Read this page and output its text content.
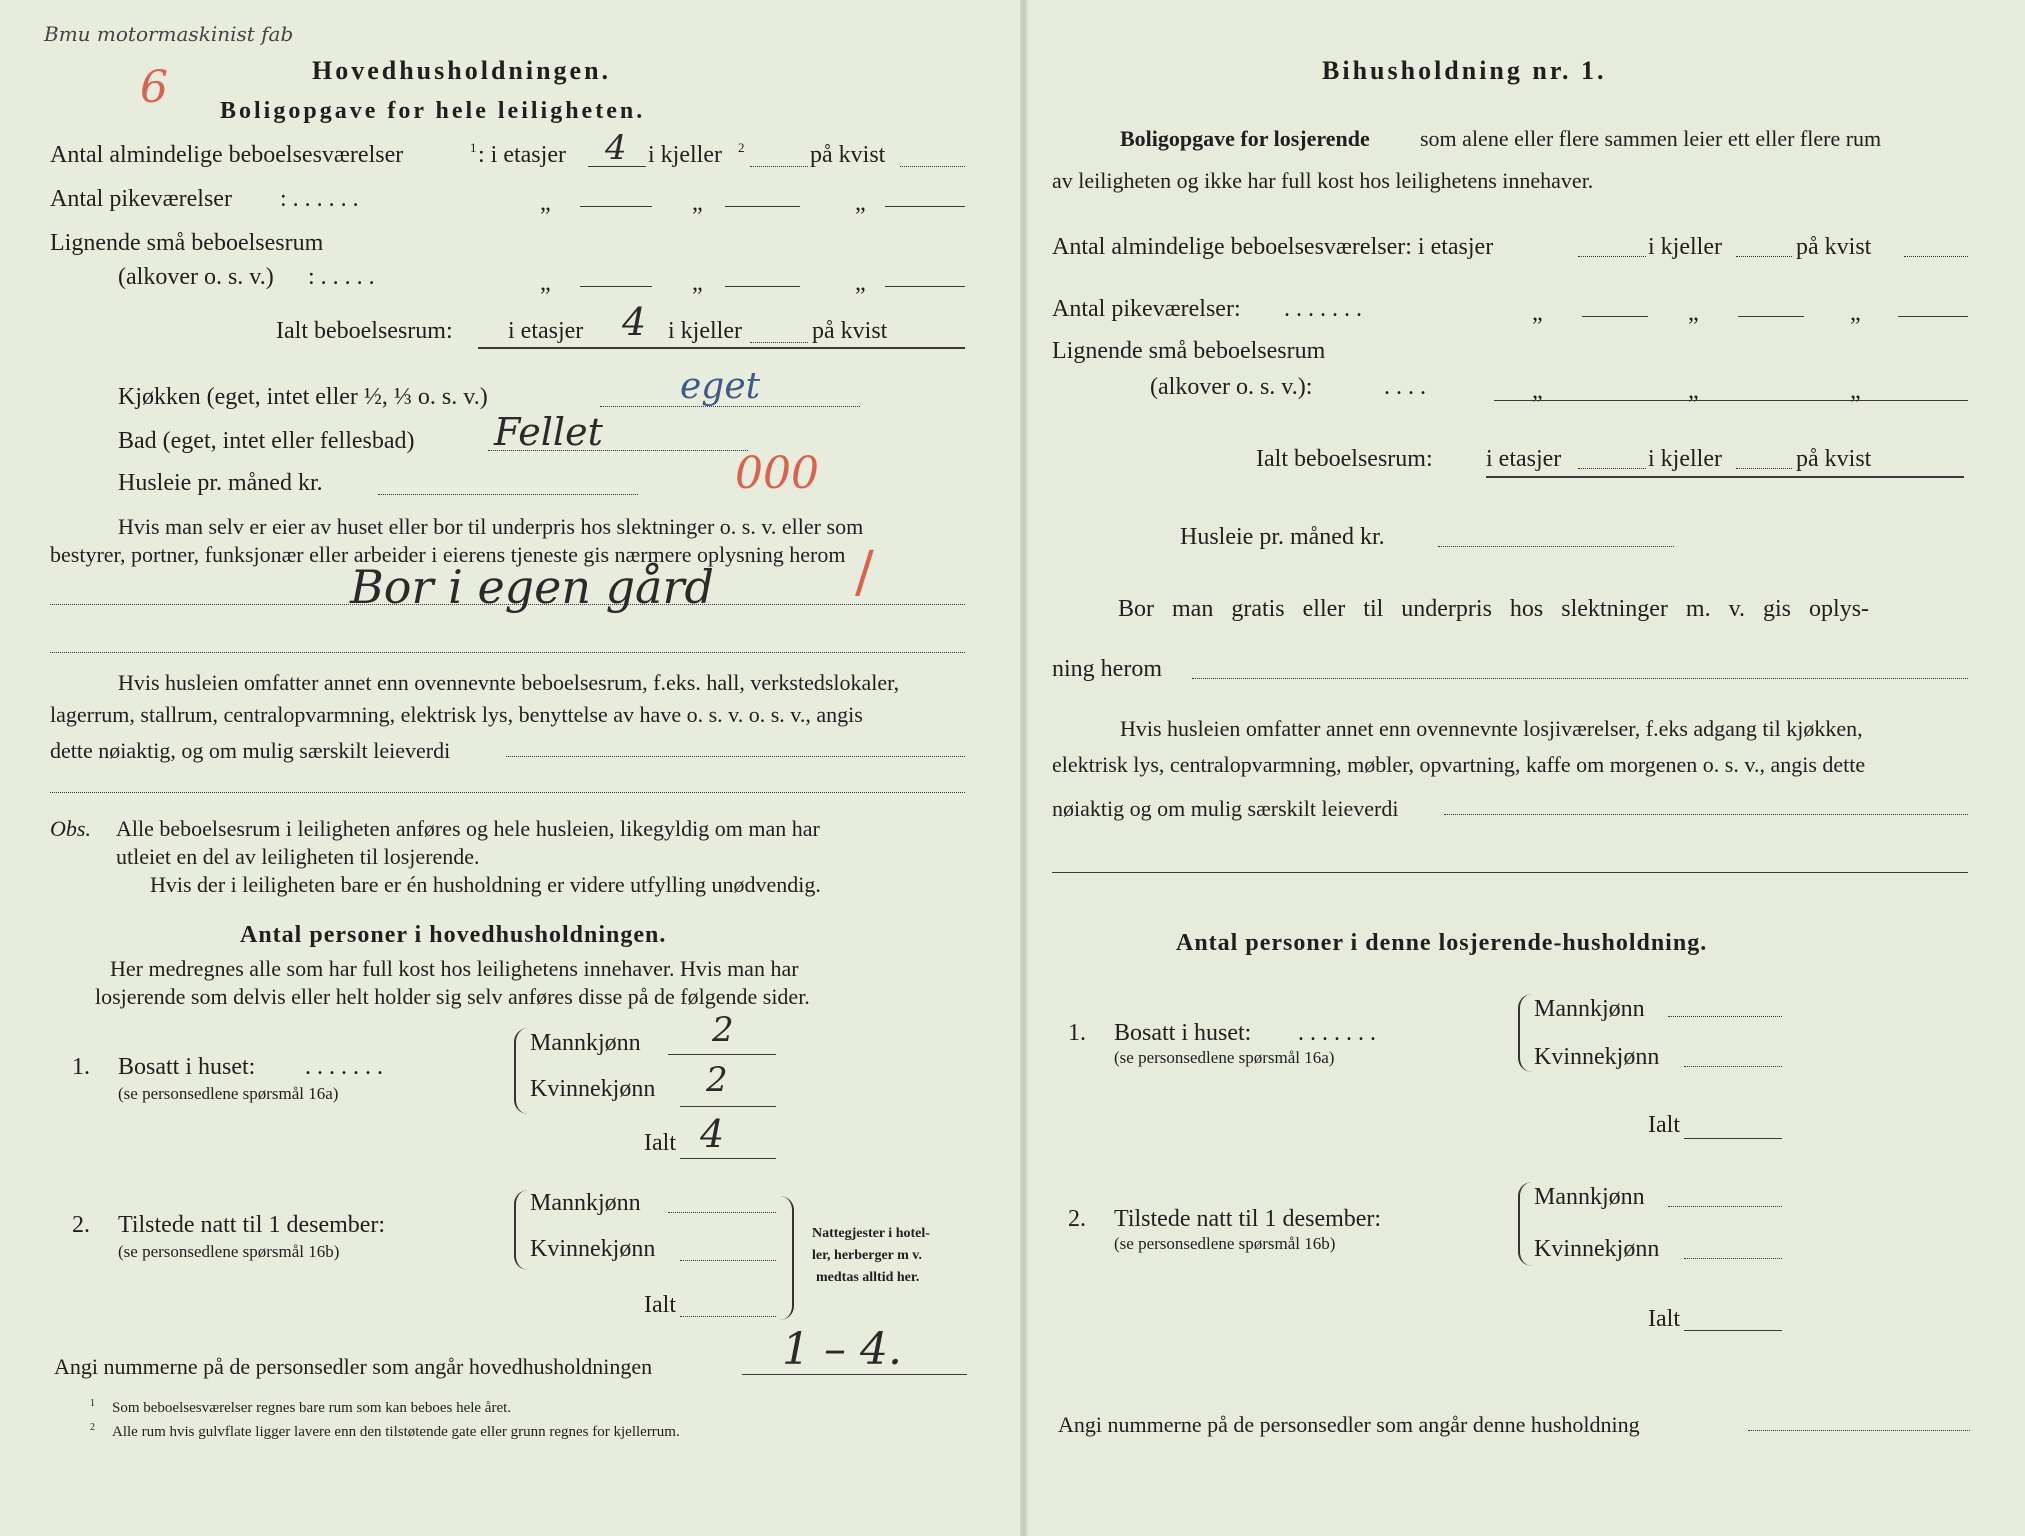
Bmu motormaskinist fab
6	Hovedhusholdningen.
Boligopgave for hele leiligheten.
Antal almindelige beboelsesværelser	1 : i etasjer 4 i kjeller 2	på kvist
Antal pikeværelser : . . . . . .	„	„	„
Lignende små beboelsesrum
(alkover o. s. v.) : . . . . .	„	„	„
Ialt beboelsesrum: i etasjer 4 i kjeller	på kvist
Kjøkken (eget, intet eller ½, ⅓ o. s. v.)	eget
Bad (eget, intet eller fellesbad) Fellet
Husleie pr. måned kr.	000
Hvis man selv er eier av huset eller bor til underpris hos slektninger o. s. v. eller som
bestyrer, portner, funksjonær eller arbeider i eierens tjeneste gis nærmere oplysning herom
Bor i egen gård	/
Hvis husleien omfatter annet enn ovennevnte beboelsesrum, f.eks. hall, verkstedslokaler,
lagerrum, stallrum, centralopvarmning, elektrisk lys, benyttelse av have o. s. v. o. s. v., angis
dette nøiaktig, og om mulig særskilt leieverdi
Obs. Alle beboelsesrum i leiligheten anføres og hele husleien, likegyldig om man har
utleiet en del av leiligheten til losjerende.
Hvis der i leiligheten bare er én husholdning er videre utfylling unødvendig.
Antal personer i hovedhusholdningen.
Her medregnes alle som har full kost hos leilighetens innehaver. Hvis man har
losjerende som delvis eller helt holder sig selv anføres disse på de følgende sider.
1. Bosatt i huset: . . . . . . .
(se personsedlene spørsmål 16a)
Mannkjønn 2
Kvinnekjønn 2
Ialt 4
2. Tilstede natt til 1 desember:
(se personsedlene spørsmål 16b)
Mannkjønn
Kvinnekjønn
Ialt
Nattegjester i hotel-
ler, herberger m v.
medtas alltid her.
Angi nummerne på de personsedler som angår hovedhusholdningen	1 – 4.
1 Som beboelsesværelser regnes bare rum som kan beboes hele året.
2 Alle rum hvis gulvflate ligger lavere enn den tilstøtende gate eller grunn regnes for kjellerrum.
Bihusholdning nr. 1.
Boligopgave for losjerende som alene eller flere sammen leier ett eller flere rum
av leiligheten og ikke har full kost hos leilighetens innehaver.
Antal almindelige beboelsesværelser: i etasjer	i kjeller	på kvist
Antal pikeværelser: . . . . . . .	„	„	„
Lignende små beboelsesrum
(alkover o. s. v.):	. . . .	„	„	„
Ialt beboelsesrum: i etasjer	i kjeller	på kvist
Husleie pr. måned kr.
Bor man gratis eller til underpris hos slektninger m. v. gis oplys-
ning herom
Hvis husleien omfatter annet enn ovennevnte losjiværelser, f.eks adgang til kjøkken,
elektrisk lys, centralopvarmning, møbler, opvartning, kaffe om morgenen o. s. v., angis dette
nøiaktig og om mulig særskilt leieverdi
Antal personer i denne losjerende-husholdning.
1. Bosatt i huset: . . . . . . .
(se personsedlene spørsmål 16a)
Mannkjønn
Kvinnekjønn
Ialt
2. Tilstede natt til 1 desember:
(se personsedlene spørsmål 16b)
Mannkjønn
Kvinnekjønn
Ialt
Angi nummerne på de personsedler som angår denne husholdning
